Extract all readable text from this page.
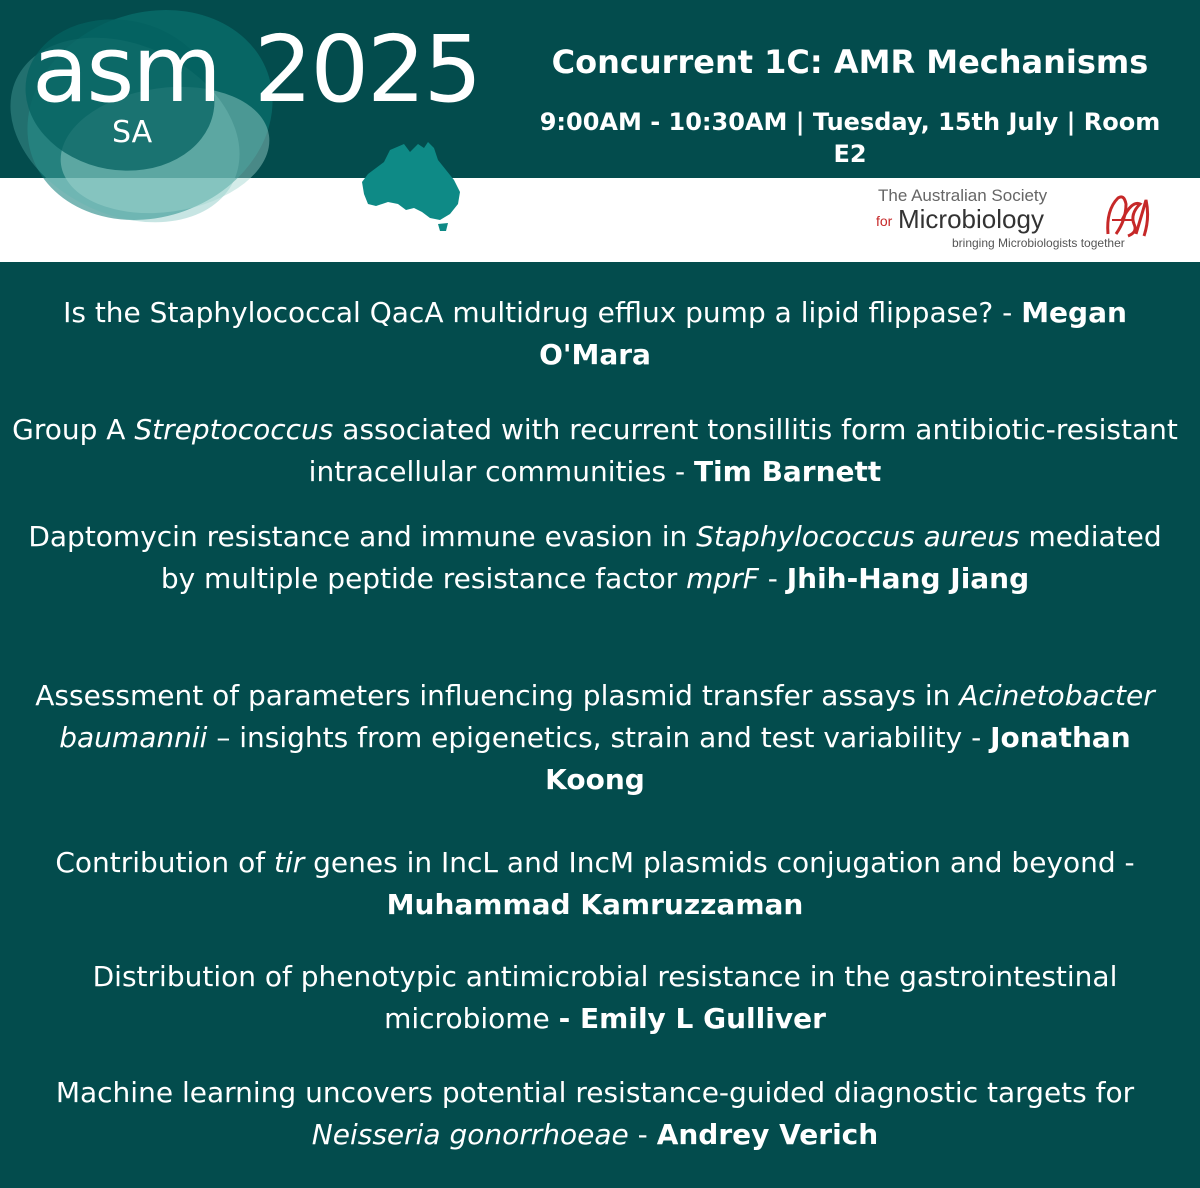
asm 2025
SA
Concurrent 1C: AMR Mechanisms
9:00AM - 10:30AM | Tuesday, 15th July | Room E2
The Australian Society
for Microbiology
bringing Microbiologists together
Is the Staphylococcal QacA multidrug efflux pump a lipid flippase? - Megan O'Mara
Group A Streptococcus associated with recurrent tonsillitis form antibiotic-resistant intracellular communities - Tim Barnett
Daptomycin resistance and immune evasion in Staphylococcus aureus mediated by multiple peptide resistance factor mprF - Jhih-Hang Jiang
Assessment of parameters influencing plasmid transfer assays in Acinetobacter baumannii – insights from epigenetics, strain and test variability - Jonathan Koong
Contribution of tir genes in IncL and IncM plasmids conjugation and beyond - Muhammad Kamruzzaman
Distribution of phenotypic antimicrobial resistance in the gastrointestinal microbiome - Emily L Gulliver
Machine learning uncovers potential resistance-guided diagnostic targets for Neisseria gonorrhoeae - Andrey Verich
